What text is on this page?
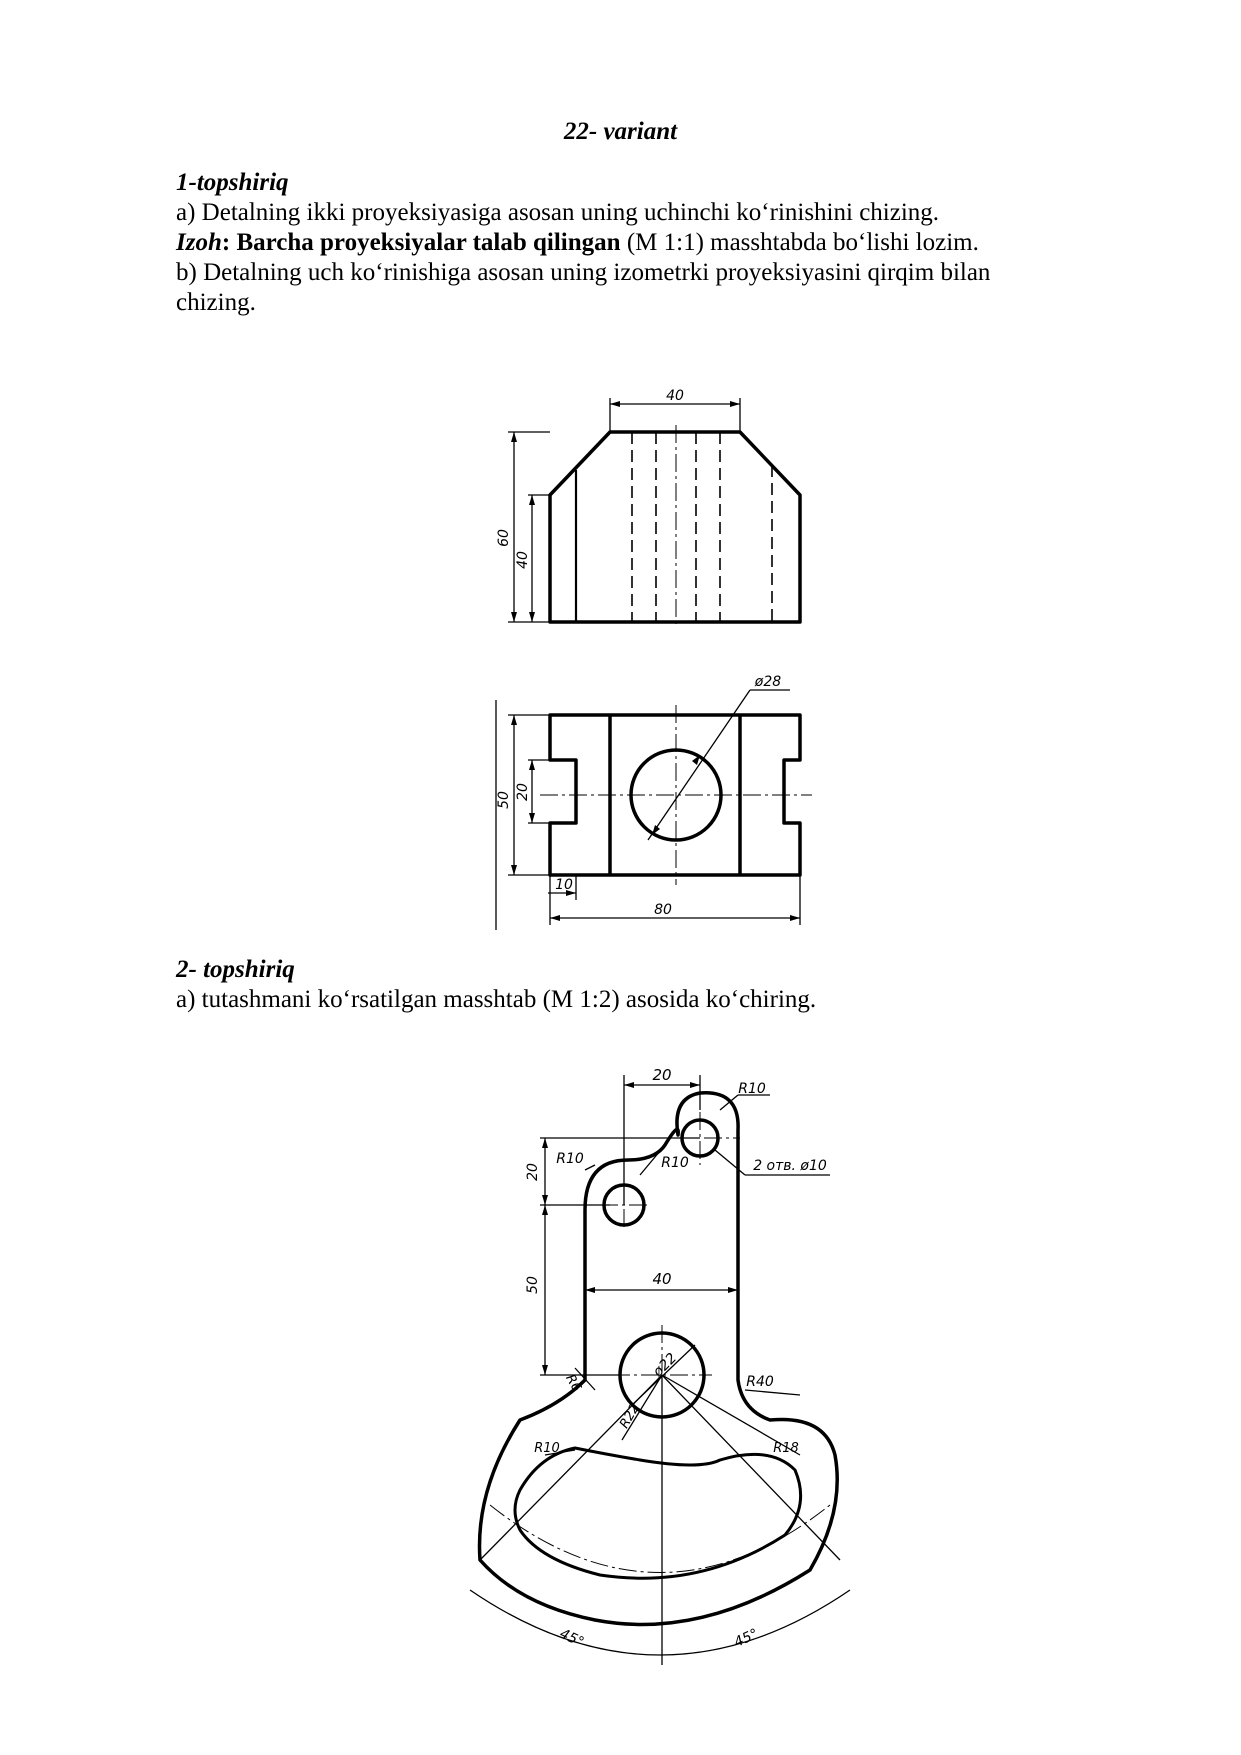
22- variant
1-topshiriq
a) Detalning ikki proyeksiyasiga asosan uning uchinchi ko‘rinishini chizing.
Izoh: Barcha proyeksiyalar talab qilingan (M 1:1) masshtabda bo‘lishi lozim.
b) Detalning uch ko‘rinishiga asosan uning izometrki proyeksiyasini qirqim bilan
chizing.
40
60
40
ø28
50 20
10
80
2- topshiriq
a) tutashmani ko‘rsatilgan masshtab (M 1:2) asosida ko‘chiring.
20
R10
R10	R10	2 отв. ø10
20
50	40
ø22
R6
R22
R40
R10	R18
45°	45°
